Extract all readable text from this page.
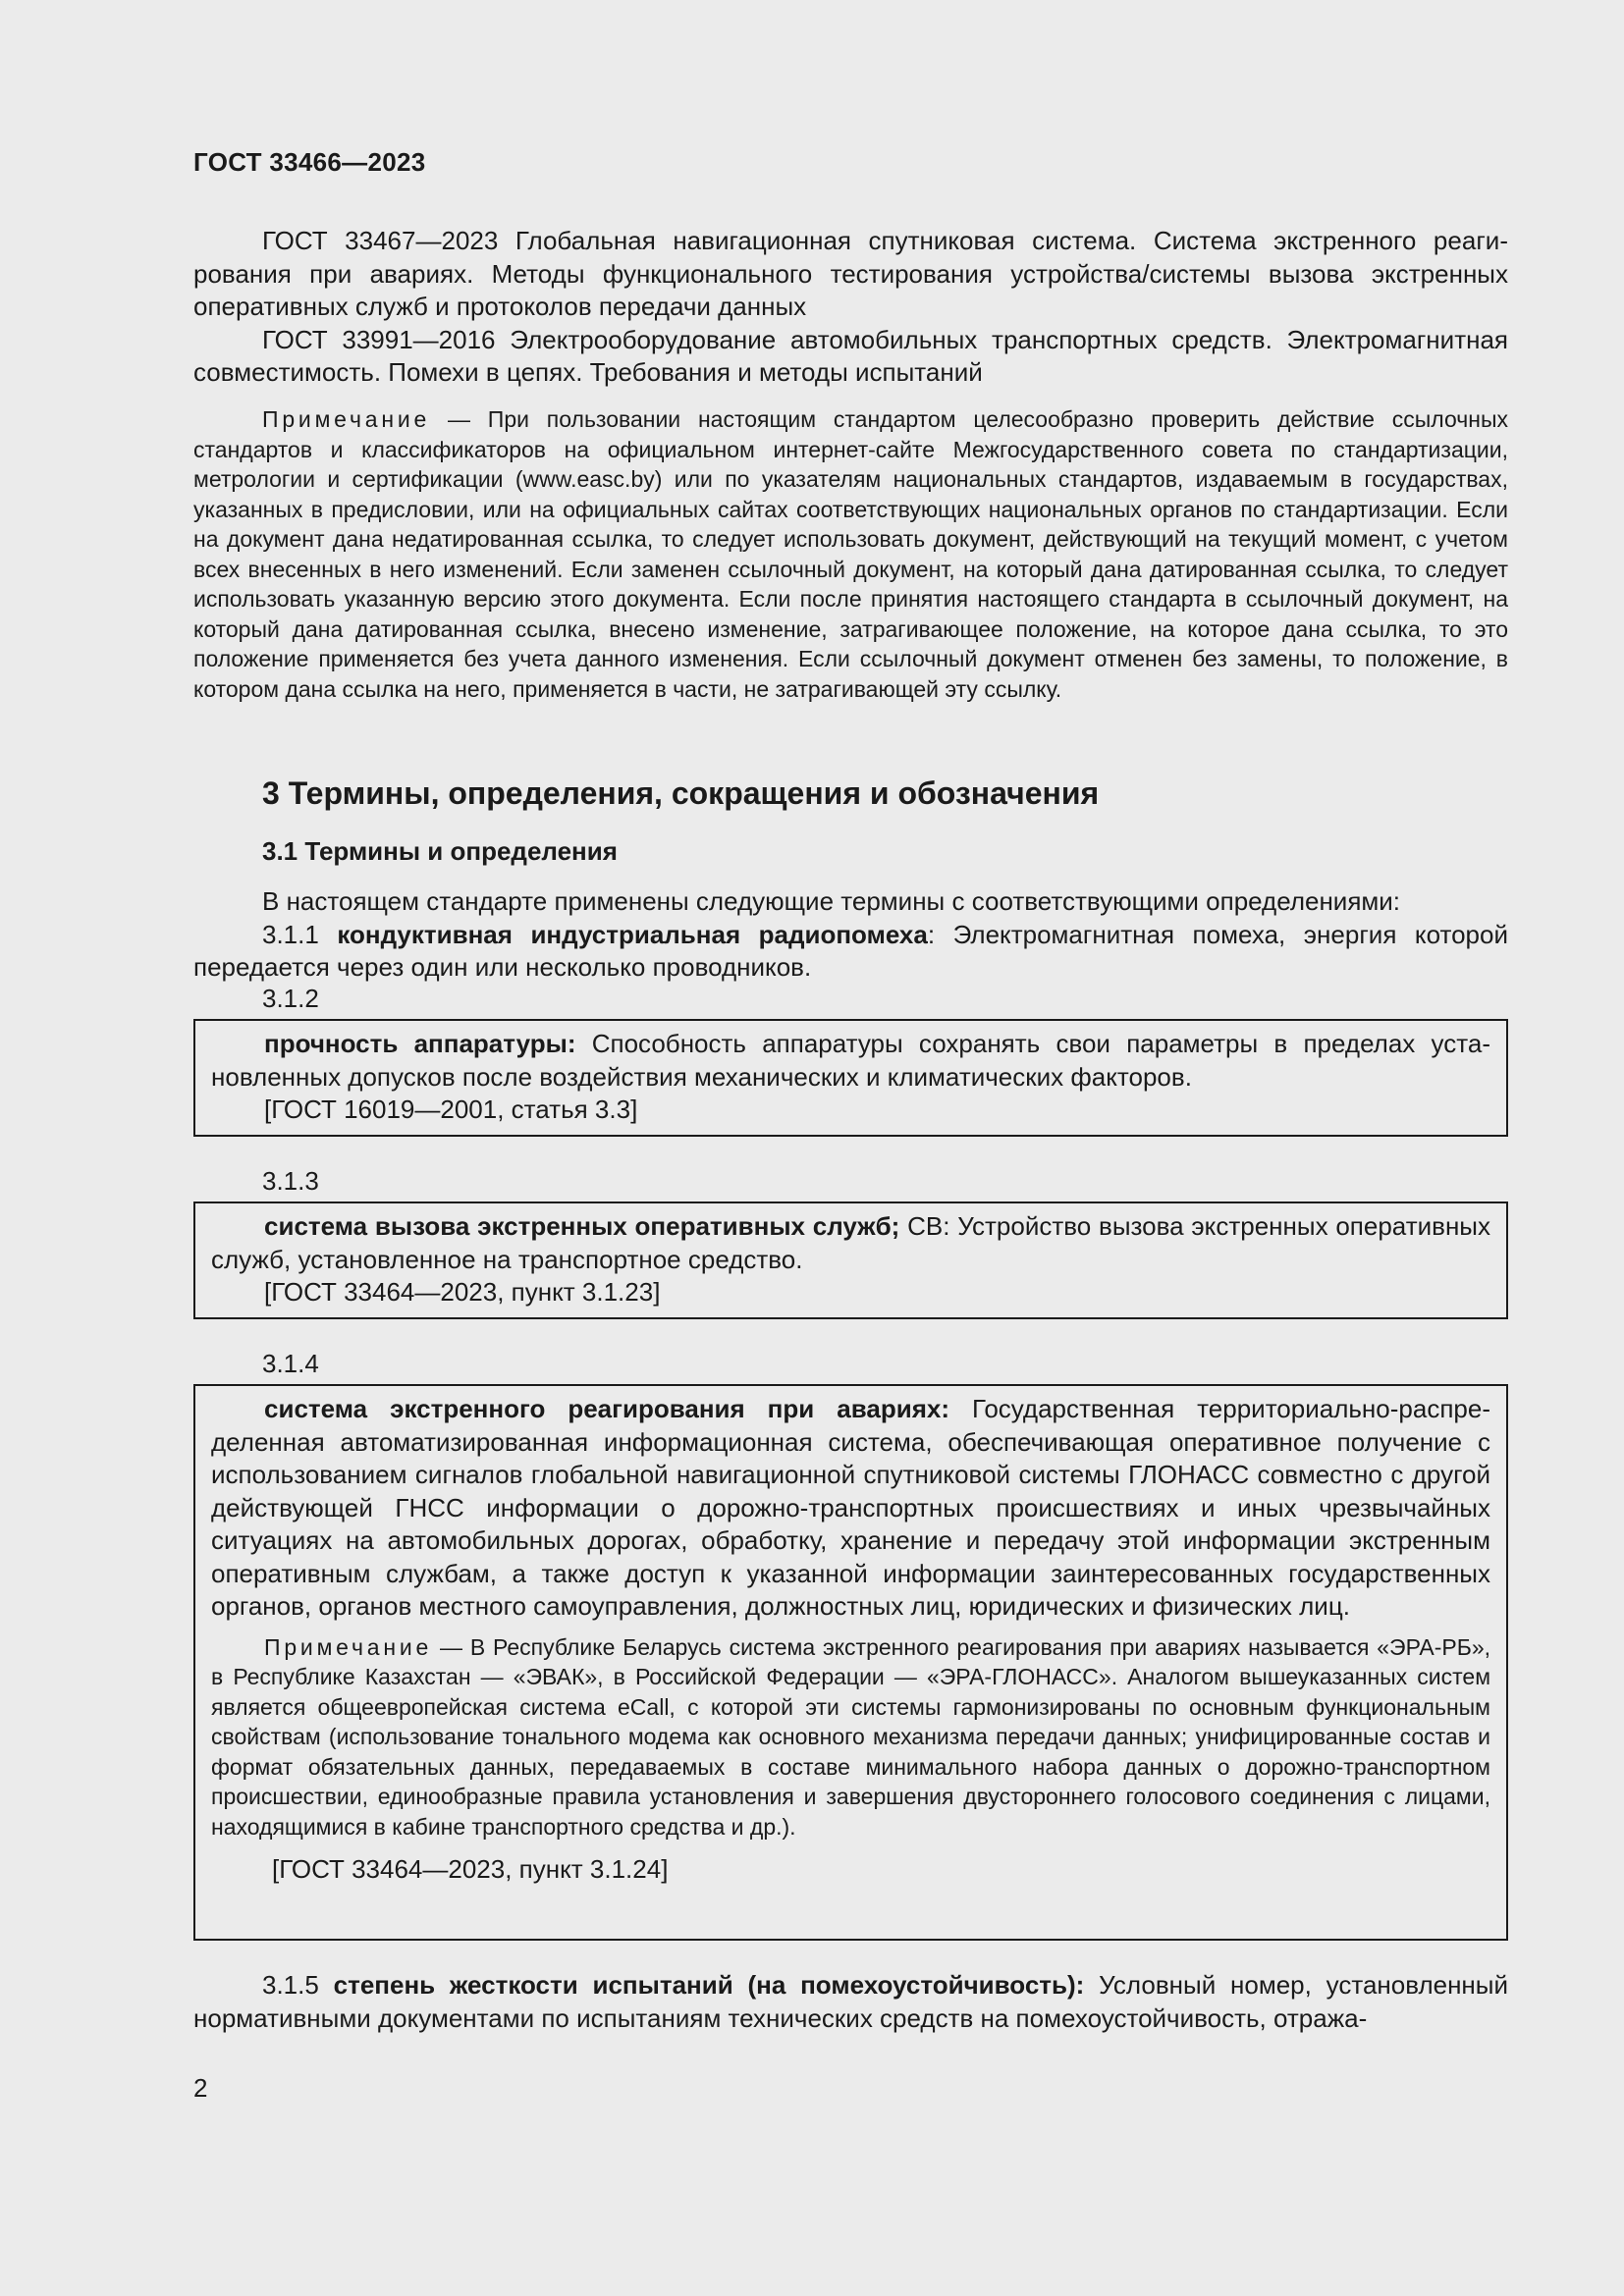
ГОСТ 33466—2023

ГОСТ 33467—2023 Глобальная навигационная спутниковая система. Система экстренного реагирования при авариях. Методы функционального тестирования устройства/системы вызова экстренных оперативных служб и протоколов передачи данных

ГОСТ 33991—2016 Электрооборудование автомобильных транспортных средств. Электромагнитная совместимость. Помехи в цепях. Требования и методы испытаний

Примечание — При пользовании настоящим стандартом целесообразно проверить действие ссылочных стандартов и классификаторов на официальном интернет-сайте Межгосударственного совета по стандартизации, метрологии и сертификации (www.easc.by) или по указателям национальных стандартов, издаваемым в государствах, указанных в предисловии, или на официальных сайтах соответствующих национальных органов по стандартизации. Если на документ дана недатированная ссылка, то следует использовать документ, действующий на текущий момент, с учетом всех внесенных в него изменений. Если заменен ссылочный документ, на который дана датированная ссылка, то следует использовать указанную версию этого документа. Если после принятия настоящего стандарта в ссылочный документ, на который дана датированная ссылка, внесено изменение, затрагивающее положение, на которое дана ссылка, то это положение применяется без учета данного изменения. Если ссылочный документ отменен без замены, то положение, в котором дана ссылка на него, применяется в части, не затрагивающей эту ссылку.

3 Термины, определения, сокращения и обозначения
3.1 Термины и определения

В настоящем стандарте применены следующие термины с соответствующими определениями:

3.1.1 кондуктивная индустриальная радиопомеха: Электромагнитная помеха, энергия которой передается через один или несколько проводников.

3.1.2

прочность аппаратуры: Способность аппаратуры сохранять свои параметры в пределах установленных допусков после воздействия механических и климатических факторов.

[ГОСТ 16019—2001, статья 3.3]

3.1.3

система вызова экстренных оперативных служб; СВ: Устройство вызова экстренных оперативных служб, установленное на транспортное средство.

[ГОСТ 33464—2023, пункт 3.1.23]

3.1.4

система экстренного реагирования при авариях: Государственная территориально-распределенная автоматизированная информационная система, обеспечивающая оперативное получение с использованием сигналов глобальной навигационной спутниковой системы ГЛОНАСС совместно с другой действующей ГНСС информации о дорожно-транспортных происшествиях и иных чрезвычайных ситуациях на автомобильных дорогах, обработку, хранение и передачу этой информации экстренным оперативным службам, а также доступ к указанной информации заинтересованных государственных органов, органов местного самоуправления, должностных лиц, юридических и физических лиц.

Примечание — В Республике Беларусь система экстренного реагирования при авариях называется «ЭРА-РБ», в Республике Казахстан — «ЭВАК», в Российской Федерации — «ЭРА-ГЛОНАСС». Аналогом вышеуказанных систем является общеевропейская система eCall, с которой эти системы гармонизированы по основным функциональным свойствам (использование тонального модема как основного механизма передачи данных; унифицированные состав и формат обязательных данных, передаваемых в составе минимального набора данных о дорожно-транспортном происшествии, единообразные правила установления и завершения двустороннего голосового соединения с лицами, находящимися в кабине транспортного средства и др.).

[ГОСТ 33464—2023, пункт 3.1.24]

3.1.5 степень жесткости испытаний (на помехоустойчивость): Условный номер, установленный нормативными документами по испытаниям технических средств на помехоустойчивость, отража-

2
